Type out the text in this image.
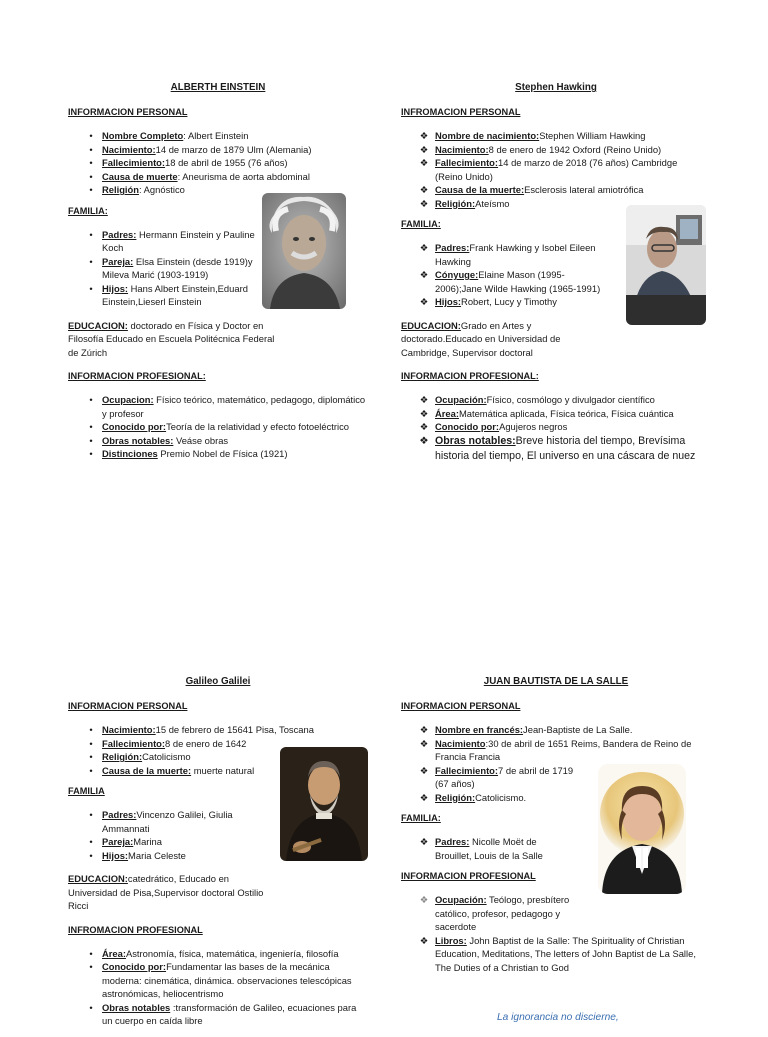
ALBERTH EINSTEIN
INFORMACION PERSONAL
• Nombre Completo: Albert Einstein
• Nacimiento:14 de marzo de 1879 Ulm (Alemania)
• Fallecimiento:18 de abril de 1955 (76 años)
• Causa de muerte: Aneurisma de aorta abdominal
• Religión: Agnóstico
FAMILIA:
• Padres: Hermann Einstein y Pauline Koch
• Pareja: Elsa Einstein (desde 1919)y Mileva Marić (1903-1919)
• Hijos: Hans Albert Einstein,Eduard Einstein,Lieserl Einstein
EDUCACION: doctorado en Física y Doctor en Filosofía Educado en Escuela Politécnica Federal de Zúrich
INFORMACION PROFESIONAL:
• Ocupacion: Físico teórico, matemático, pedagogo, diplomático y profesor
• Conocido por:Teoría de la relatividad y efecto fotoeléctrico
• Obras notables: Veáse obras
• Distinciones Premio Nobel de Física (1921)
Stephen Hawking
INFROMACION PERSONAL
❖ Nombre de nacimiento:Stephen William Hawking
❖ Nacimiento:8 de enero de 1942 Oxford (Reino Unido)
❖ Fallecimiento:14 de marzo de 2018 (76 años) Cambridge (Reino Unido)
❖ Causa de la muerte:Esclerosis lateral amiotrófica
❖ Religión:Ateísmo
FAMILIA:
❖ Padres:Frank Hawking y Isobel Eileen Hawking
❖ Cónyuge:Elaine Mason (1995-2006);Jane Wilde Hawking (1965-1991)
❖ Hijos:Robert, Lucy y Timothy
EDUCACION:Grado en Artes y doctorado.Educado en Universidad de Cambridge, Supervisor doctoral
INFORMACION PROFESIONAL:
❖ Ocupación:Físico, cosmólogo y divulgador científico
❖ Área:Matemática aplicada, Física teórica, Física cuántica
❖ Conocido por:Agujeros negros
❖ Obras notables:Breve historia del tiempo, Brevísima historia del tiempo, El universo en una cáscara de nuez
Galileo Galilei
INFORMACION PERSONAL
• Nacimiento:15 de febrero de 15641 Pisa, Toscana
• Fallecimiento:8 de enero de 1642
• Religión:Catolicismo
• Causa de la muerte: muerte natural
FAMILIA
• Padres:Vincenzo Galilei, Giulia Ammannati
• Pareja:Marina
• Hijos:Maria Celeste
EDUCACION:catedrático, Educado en Universidad de Pisa,Supervisor doctoral Ostilio Ricci
INFROMACION PROFESIONAL
• Área:Astronomía, física, matemática, ingeniería, filosofía
• Conocido por:Fundamentar las bases de la mecánica moderna: cinemática, dinámica. observaciones telescópicas astronómicas, heliocentrismo
• Obras notables :transformación de Galileo, ecuaciones para un cuerpo en caída libre
JUAN BAUTISTA DE LA SALLE
INFORMACION PERSONAL
❖ Nombre en francés:Jean-Baptiste de La Salle.
❖ Nacimiento:30 de abril de 1651 Reims, Bandera de Reino de Francia Francia
❖ Fallecimiento:7 de abril de 1719 (67 años)
❖ Religión:Catolicismo.
FAMILIA:
❖ Padres: Nicolle Moët de Brouillet, Louis de la Salle
INFORMACION PROFESIONAL
❖ Ocupación: Teólogo, presbítero católico, profesor, pedagogo y sacerdote
❖ Libros: John Baptist de la Salle: The Spirituality of Christian Education, Meditations, The letters of John Baptist de La Salle, The Duties of a Christian to God
La ignorancia no discierne,
